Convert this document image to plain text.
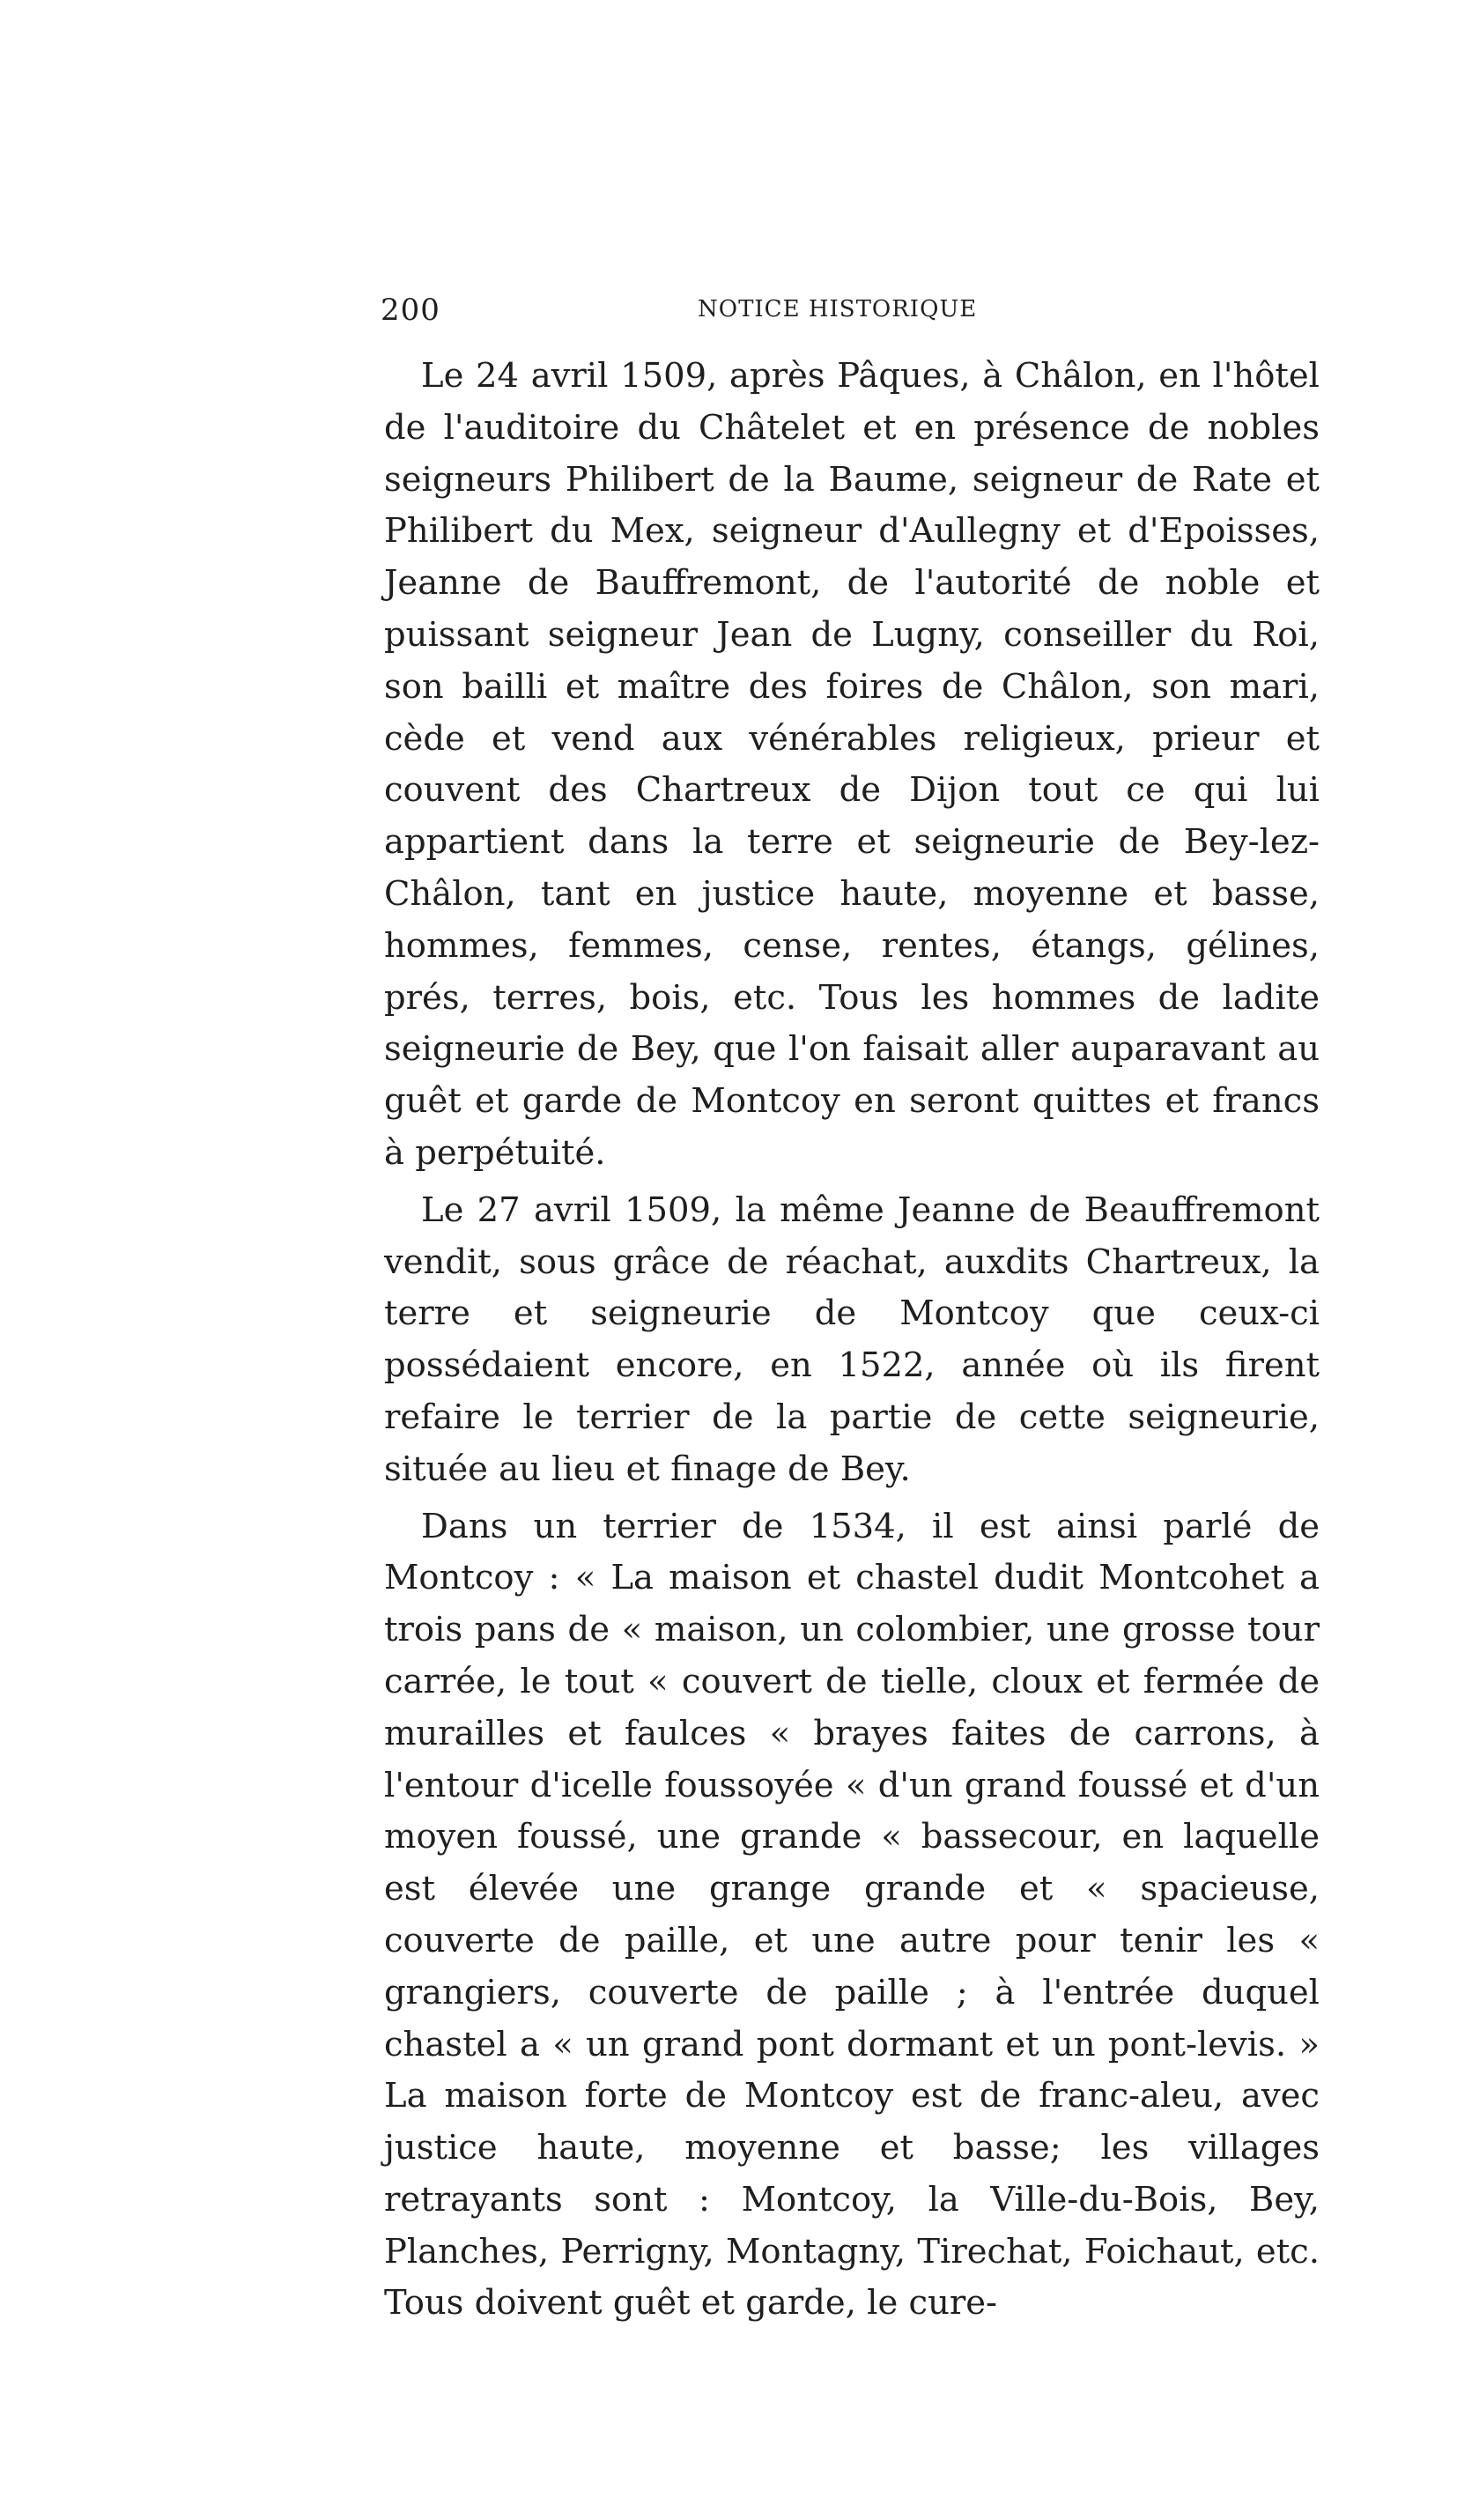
200	NOTICE HISTORIQUE

Le 24 avril 1509, après Pâques, à Châlon, en l'hôtel de l'auditoire du Châtelet et en présence de nobles seigneurs Philibert de la Baume, seigneur de Rate et Philibert du Mex, seigneur d'Aullegny et d'Epoisses, Jeanne de Bauffremont, de l'autorité de noble et puissant seigneur Jean de Lugny, conseiller du Roi, son bailli et maître des foires de Châlon, son mari, cède et vend aux vénérables religieux, prieur et couvent des Chartreux de Dijon tout ce qui lui appartient dans la terre et seigneurie de Bey-lez-Châlon, tant en justice haute, moyenne et basse, hommes, femmes, cense, rentes, étangs, gélines, prés, terres, bois, etc. Tous les hommes de ladite seigneurie de Bey, que l'on faisait aller auparavant au guêt et garde de Montcoy en seront quittes et francs à perpétuité.

Le 27 avril 1509, la même Jeanne de Beauffremont vendit, sous grâce de réachat, auxdits Chartreux, la terre et seigneurie de Montcoy que ceux-ci possédaient encore, en 1522, année où ils firent refaire le terrier de la partie de cette seigneurie, située au lieu et finage de Bey.

Dans un terrier de 1534, il est ainsi parlé de Montcoy : « La maison et chastel dudit Montcohet a trois pans de « maison, un colombier, une grosse tour carrée, le tout « couvert de tielle, cloux et fermée de murailles et faulces « brayes faites de carrons, à l'entour d'icelle foussoyée « d'un grand foussé et d'un moyen foussé, une grande « bassecour, en laquelle est élevée une grange grande et « spacieuse, couverte de paille, et une autre pour tenir les « grangiers, couverte de paille ; à l'entrée duquel chastel a « un grand pont dormant et un pont-levis. » La maison forte de Montcoy est de franc-aleu, avec justice haute, moyenne et basse; les villages retrayants sont : Montcoy, la Ville-du-Bois, Bey, Planches, Perrigny, Montagny, Tirechat, Foichaut, etc. Tous doivent guêt et garde, le cure-
